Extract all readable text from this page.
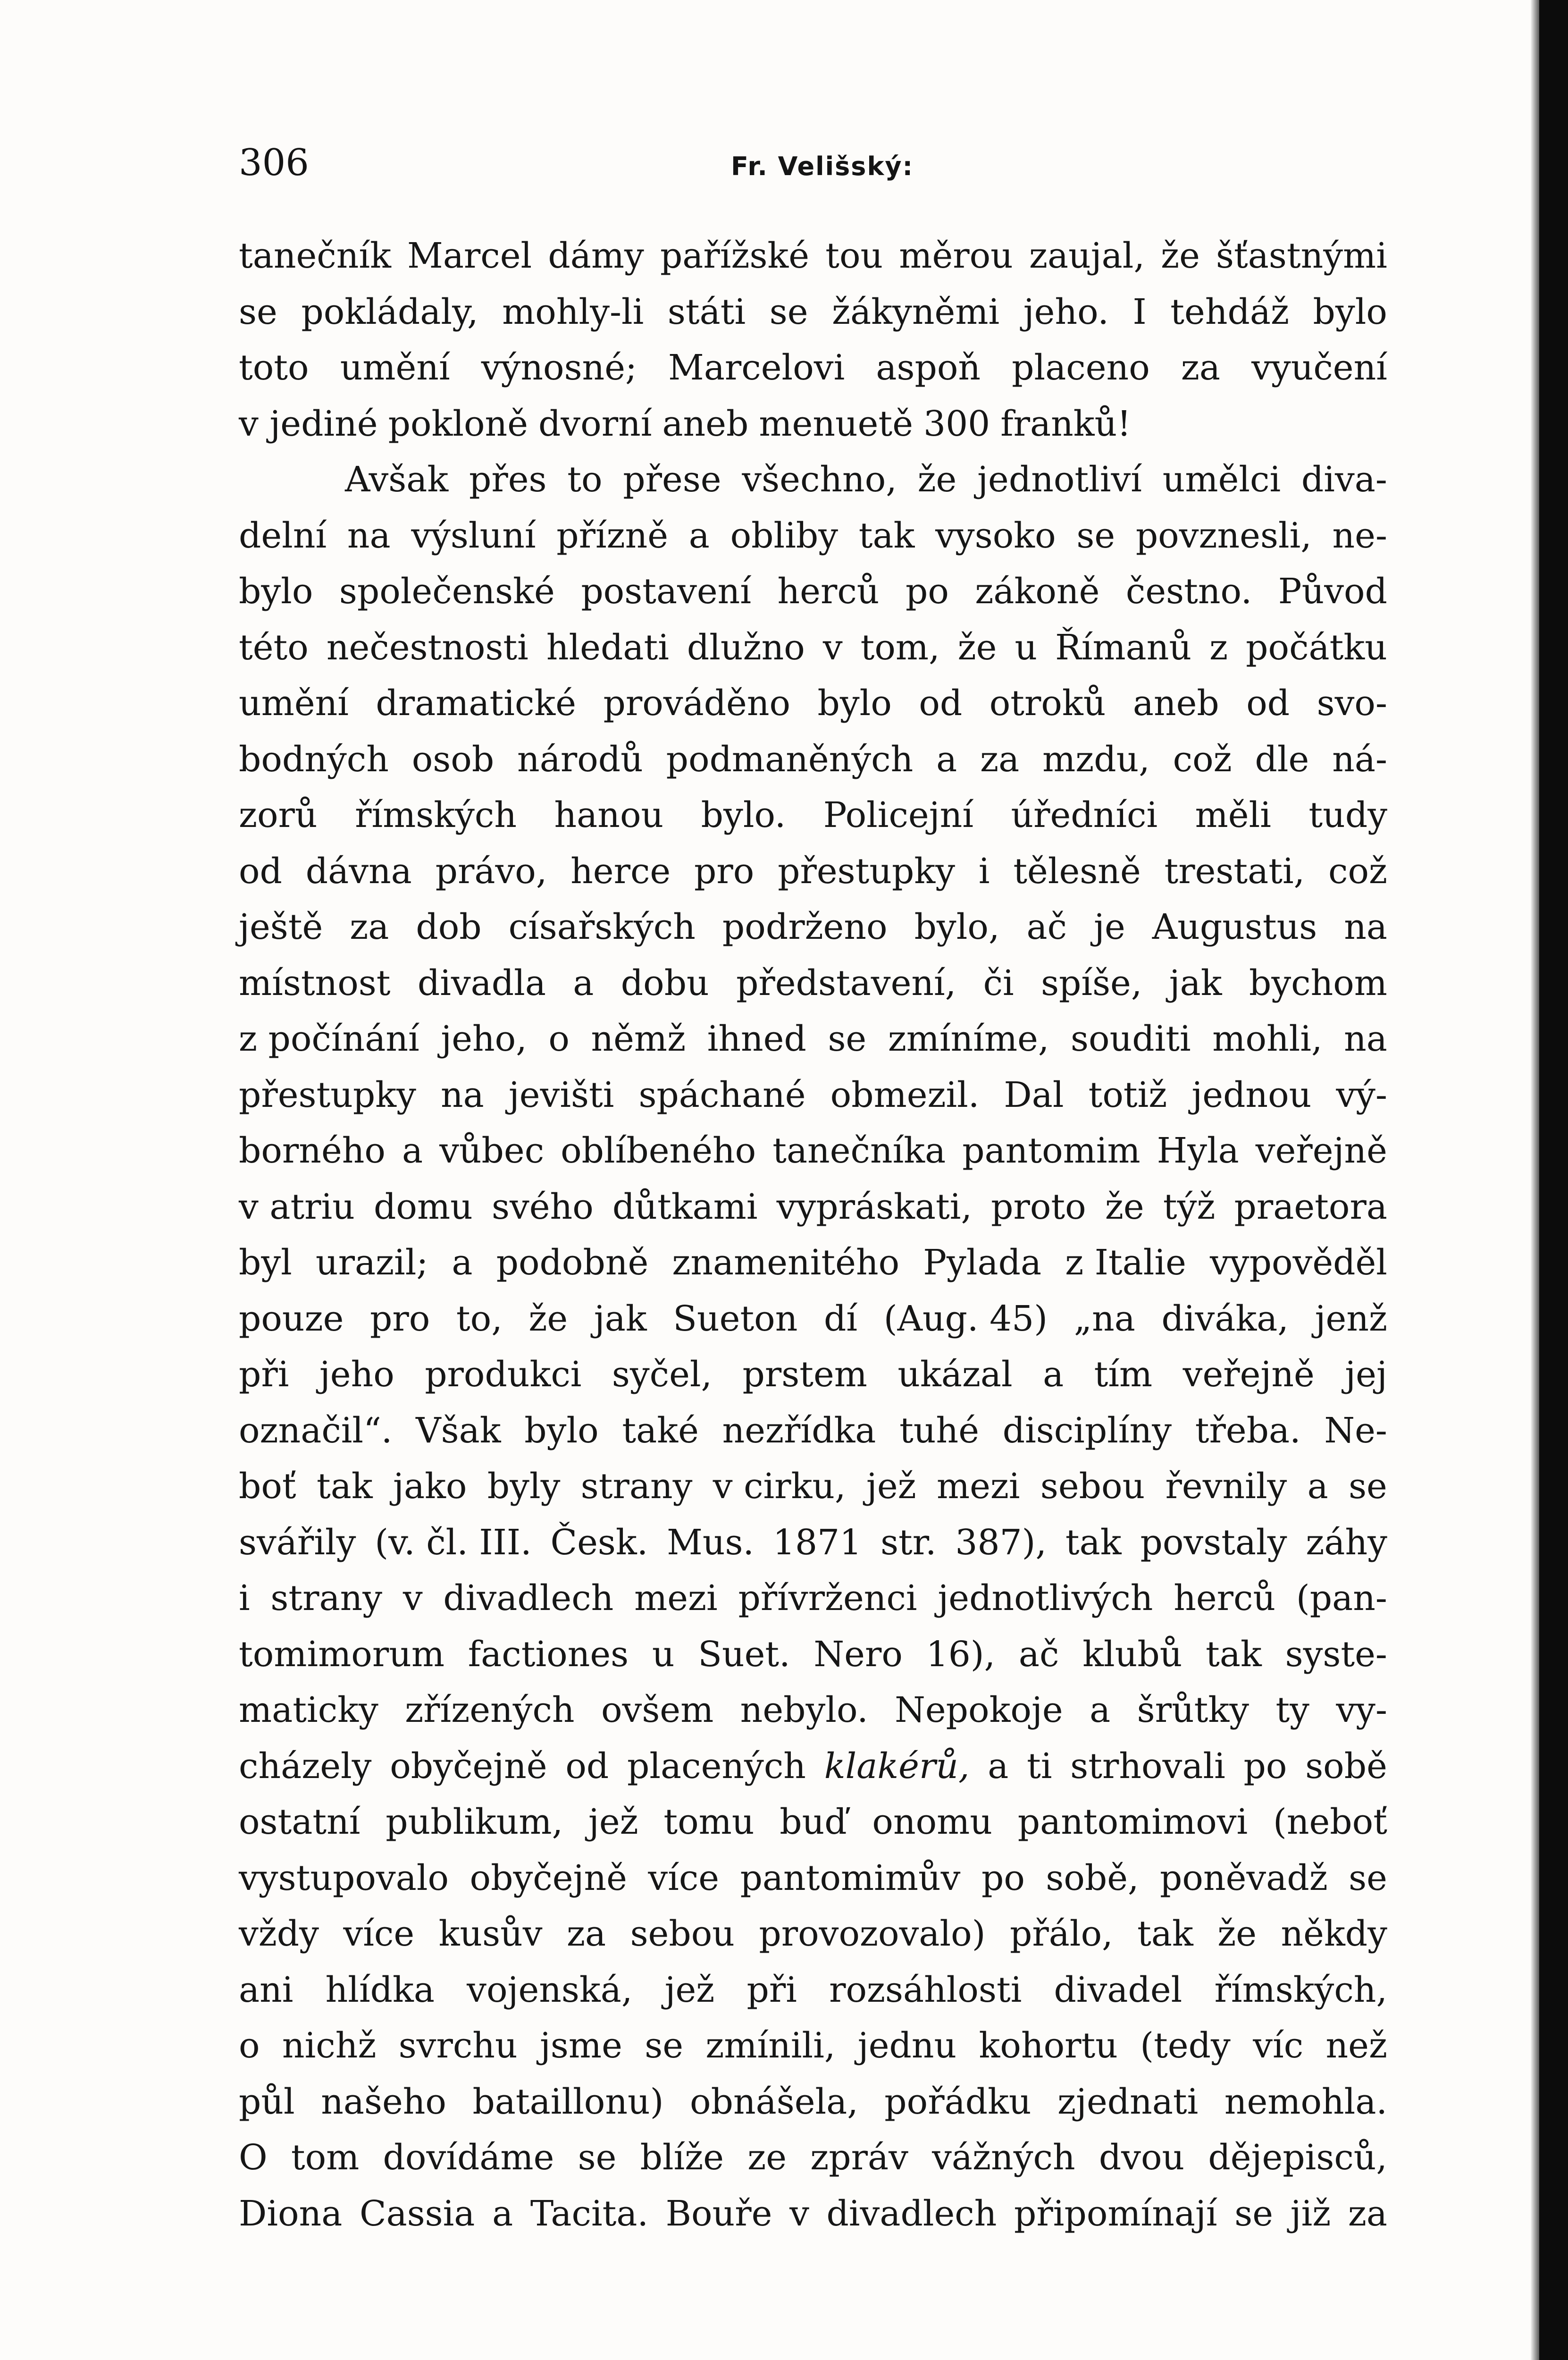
306	Fr. Velišský:
tanečník Marcel dámy pařížské tou měrou zaujal, že šťastnými
se pokládaly, mohly-li státi se žákyněmi jeho. I tehdáž bylo
toto umění výnosné; Marcelovi aspoň placeno za vyučení
v jediné pokloně dvorní aneb menuetě 300 franků!
Avšak přes to přese všechno, že jednotliví umělci diva-
delní na výsluní přízně a obliby tak vysoko se povznesli, ne-
bylo společenské postavení herců po zákoně čestno. Původ
této nečestnosti hledati dlužno v tom, že u Římanů z počátku
umění dramatické prováděno bylo od otroků aneb od svo-
bodných osob národů podmaněných a za mzdu, což dle ná-
zorů římských hanou bylo. Policejní úředníci měli tudy
od dávna právo, herce pro přestupky i tělesně trestati, což
ještě za dob císařských podrženo bylo, ač je Augustus na
místnost divadla a dobu představení, či spíše, jak bychom
z počínání jeho, o němž ihned se zmíníme, souditi mohli, na
přestupky na jevišti spáchané obmezil. Dal totiž jednou vý-
borného a vůbec oblíbeného tanečníka pantomim Hyla veřejně
v atriu domu svého důtkami vypráskati, proto že týž praetora
byl urazil; a podobně znamenitého Pylada z Italie vypověděl
pouze pro to, že jak Sueton dí (Aug. 45) „na diváka, jenž
při jeho produkci syčel, prstem ukázal a tím veřejně jej
označil“. Však bylo také nezřídka tuhé disciplíny třeba. Ne-
boť tak jako byly strany v cirku, jež mezi sebou řevnily a se
svářily (v. čl. III. Česk. Mus. 1871 str. 387), tak povstaly záhy
i strany v divadlech mezi přívrženci jednotlivých herců (pan-
tomimorum factiones u Suet. Nero 16), ač klubů tak syste-
maticky zřízených ovšem nebylo. Nepokoje a šrůtky ty vy-
cházely obyčejně od placených klakérů, a ti strhovali po sobě
ostatní publikum, jež tomu buď onomu pantomimovi (neboť
vystupovalo obyčejně více pantomimův po sobě, poněvadž se
vždy více kusův za sebou provozovalo) přálo, tak že někdy
ani hlídka vojenská, jež při rozsáhlosti divadel římských,
o nichž svrchu jsme se zmínili, jednu kohortu (tedy víc než
půl našeho bataillonu) obnášela, pořádku zjednati nemohla.
O tom dovídáme se blíže ze zpráv vážných dvou dějepisců,
Diona Cassia a Tacita. Bouře v divadlech připomínají se již za
